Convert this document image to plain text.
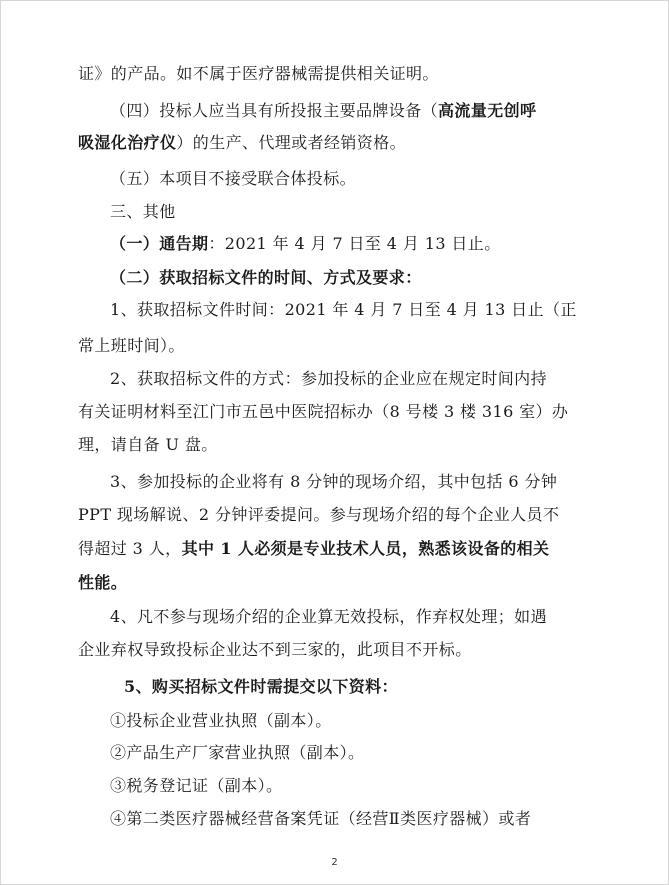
证》的产品。如不属于医疗器械需提供相关证明。
（四）投标人应当具有所投报主要品牌设备（高流量无创呼
吸湿化治疗仪）的生产、代理或者经销资格。
（五）本项目不接受联合体投标。
三、其他
（一）通告期：2021 年 4 月 7 日至 4 月 13 日止。
（二）获取招标文件的时间、方式及要求：
1、获取招标文件时间：2021 年 4 月 7 日至 4 月 13 日止（正
常上班时间）。
2、获取招标文件的方式：参加投标的企业应在规定时间内持
有关证明材料至江门市五邑中医院招标办（8 号楼 3 楼 316 室）办
理，请自备 U 盘。
3、参加投标的企业将有 8 分钟的现场介绍，其中包括 6 分钟
PPT 现场解说、2 分钟评委提问。参与现场介绍的每个企业人员不
得超过 3 人，其中 1 人必须是专业技术人员，熟悉该设备的相关
性能。
4、凡不参与现场介绍的企业算无效投标，作弃权处理；如遇
企业弃权导致投标企业达不到三家的，此项目不开标。
5、购买招标文件时需提交以下资料：
①投标企业营业执照（副本）。
②产品生产厂家营业执照（副本）。
③税务登记证（副本）。
④第二类医疗器械经营备案凭证（经营Ⅱ类医疗器械）或者
2
